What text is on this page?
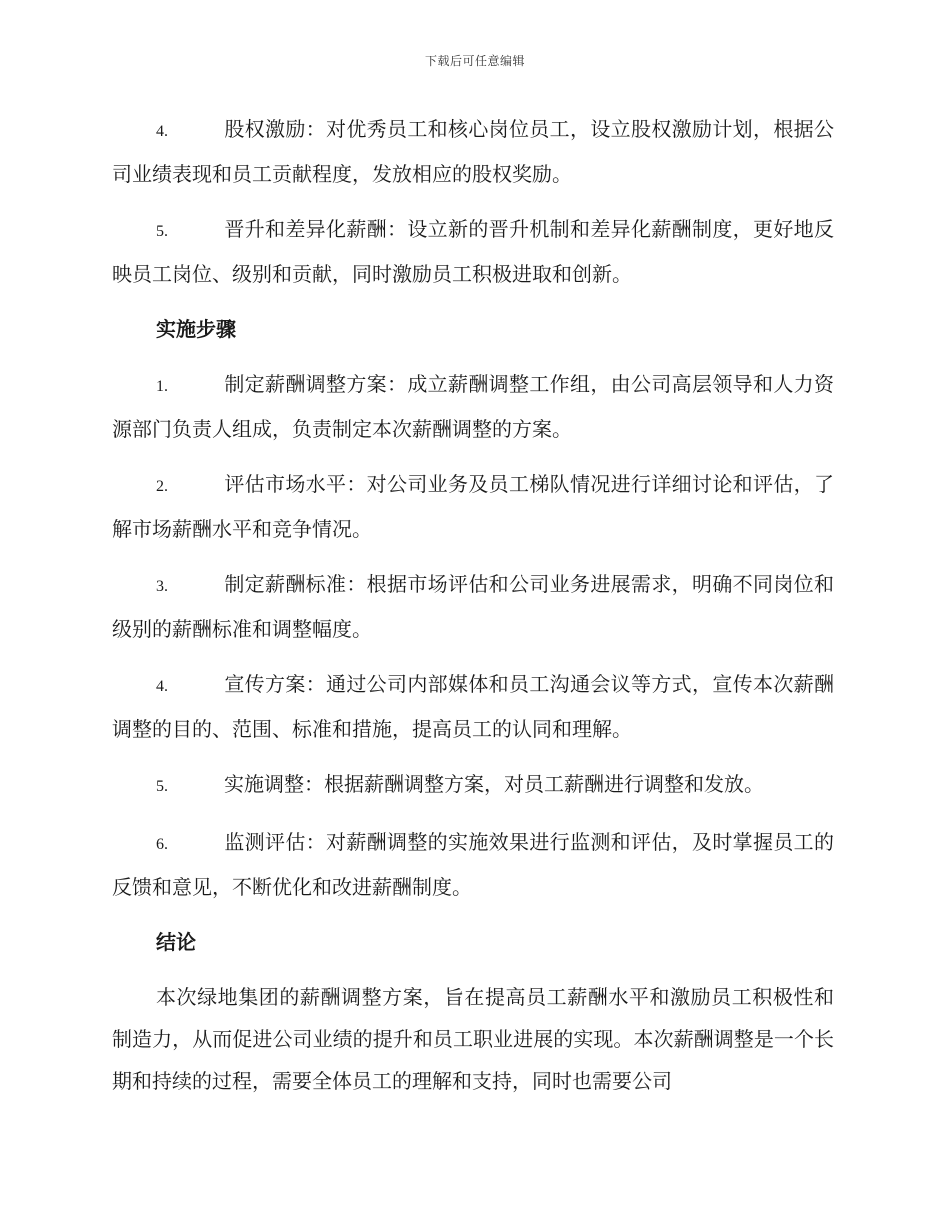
下载后可任意编辑

4.	股权激励：对优秀员工和核心岗位员工，设立股权激励计划，根据公司业绩表现和员工贡献程度，发放相应的股权奖励。

5.	晋升和差异化薪酬：设立新的晋升机制和差异化薪酬制度，更好地反映员工岗位、级别和贡献，同时激励员工积极进取和创新。

实施步骤

1.	制定薪酬调整方案：成立薪酬调整工作组，由公司高层领导和人力资源部门负责人组成，负责制定本次薪酬调整的方案。

2.	评估市场水平：对公司业务及员工梯队情况进行详细讨论和评估，了解市场薪酬水平和竞争情况。

3.	制定薪酬标准：根据市场评估和公司业务进展需求，明确不同岗位和级别的薪酬标准和调整幅度。

4.	宣传方案：通过公司内部媒体和员工沟通会议等方式，宣传本次薪酬调整的目的、范围、标准和措施，提高员工的认同和理解。

5.	实施调整：根据薪酬调整方案，对员工薪酬进行调整和发放。

6.	监测评估：对薪酬调整的实施效果进行监测和评估，及时掌握员工的反馈和意见，不断优化和改进薪酬制度。

结论

本次绿地集团的薪酬调整方案，旨在提高员工薪酬水平和激励员工积极性和制造力，从而促进公司业绩的提升和员工职业进展的实现。本次薪酬调整是一个长期和持续的过程，需要全体员工的理解和支持，同时也需要公司
